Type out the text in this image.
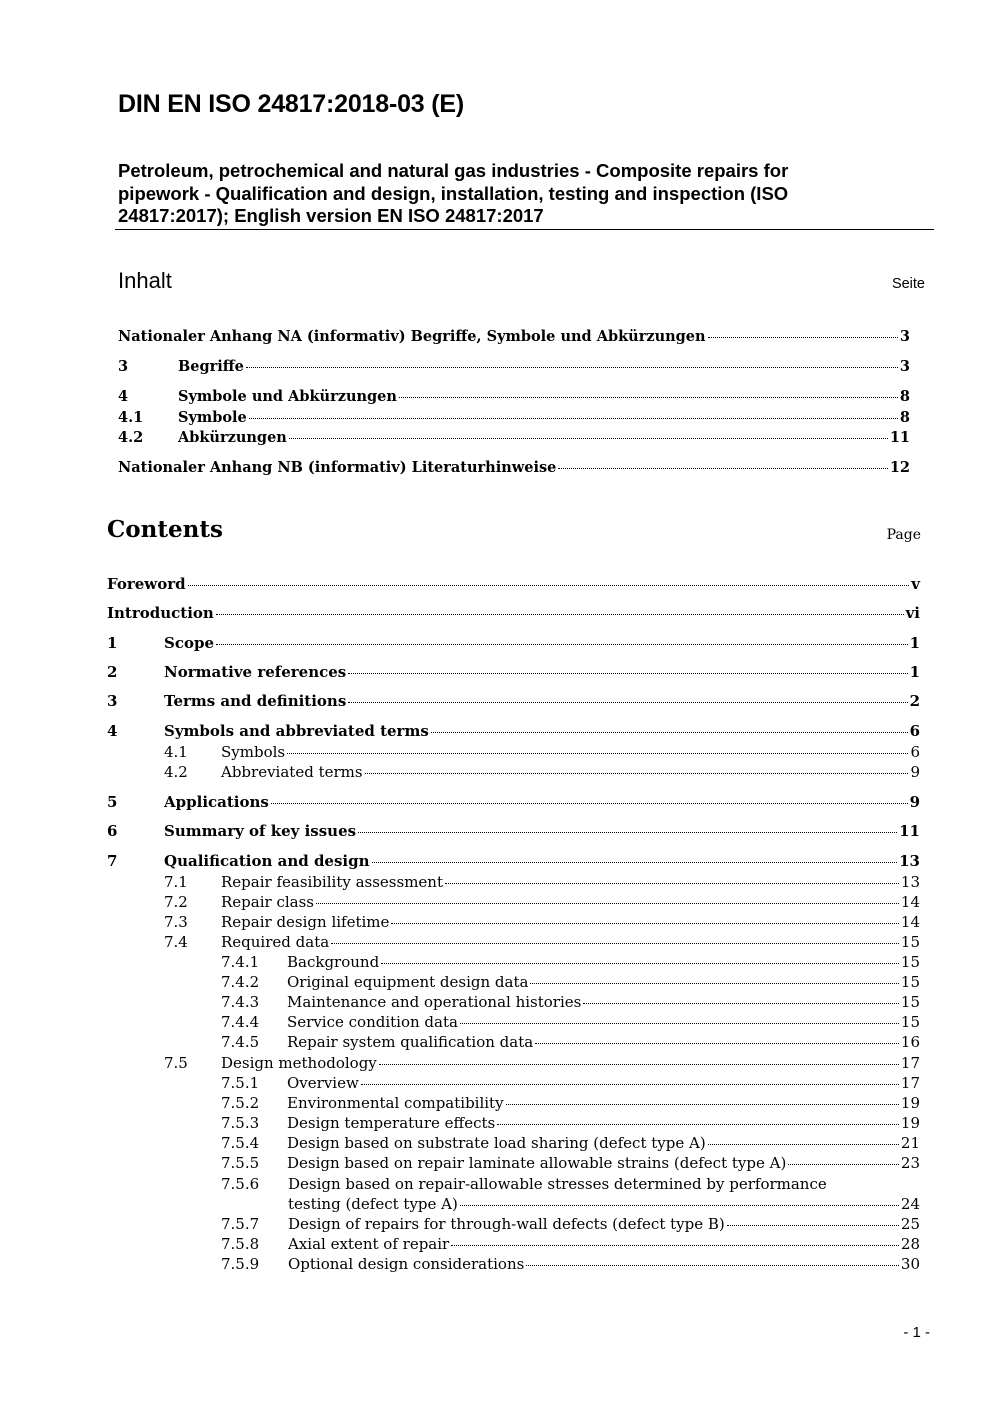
DIN EN ISO 24817:2018-03 (E)
Petroleum, petrochemical and natural gas industries - Composite repairs for
pipework - Qualification and design, installation, testing and inspection (ISO
24817:2017); English version EN ISO 24817:2017
Inhalt	Seite
Nationaler Anhang NA (informativ) Begriffe, Symbole und Abkürzungen	3
3	Begriffe	3
4	Symbole und Abkürzungen	8
4.1 Symbole	8
4.2 Abkürzungen	11
Nationaler Anhang NB (informativ) Literaturhinweise	12
Contents	Page
Foreword	v
Introduction	vi
1	Scope	1
2	Normative references	1
3	Terms and definitions	2
4	Symbols and abbreviated terms	6
4.1 Symbols	6
4.2 Abbreviated terms	9
5	Applications	9
6	Summary of key issues	11
7	Qualification and design	13
7.1 Repair feasibility assessment	13
7.2 Repair class	14
7.3 Repair design lifetime	14
7.4 Required data	15
7.4.1 Background	15
7.4.2 Original equipment design data	15
7.4.3 Maintenance and operational histories	15
7.4.4 Service condition data	15
7.4.5 Repair system qualification data	16
7.5 Design methodology	17
7.5.1 Overview	17
7.5.2 Environmental compatibility	19
7.5.3 Design temperature effects	19
7.5.4 Design based on substrate load sharing (defect type A)	21
7.5.5 Design based on repair laminate allowable strains (defect type A)	23
7.5.6 Design based on repair-allowable stresses determined by performance
testing (defect type A)	24
7.5.7 Design of repairs for through-wall defects (defect type B)	25
7.5.8 Axial extent of repair	28
7.5.9 Optional design considerations	30
- 1 -
